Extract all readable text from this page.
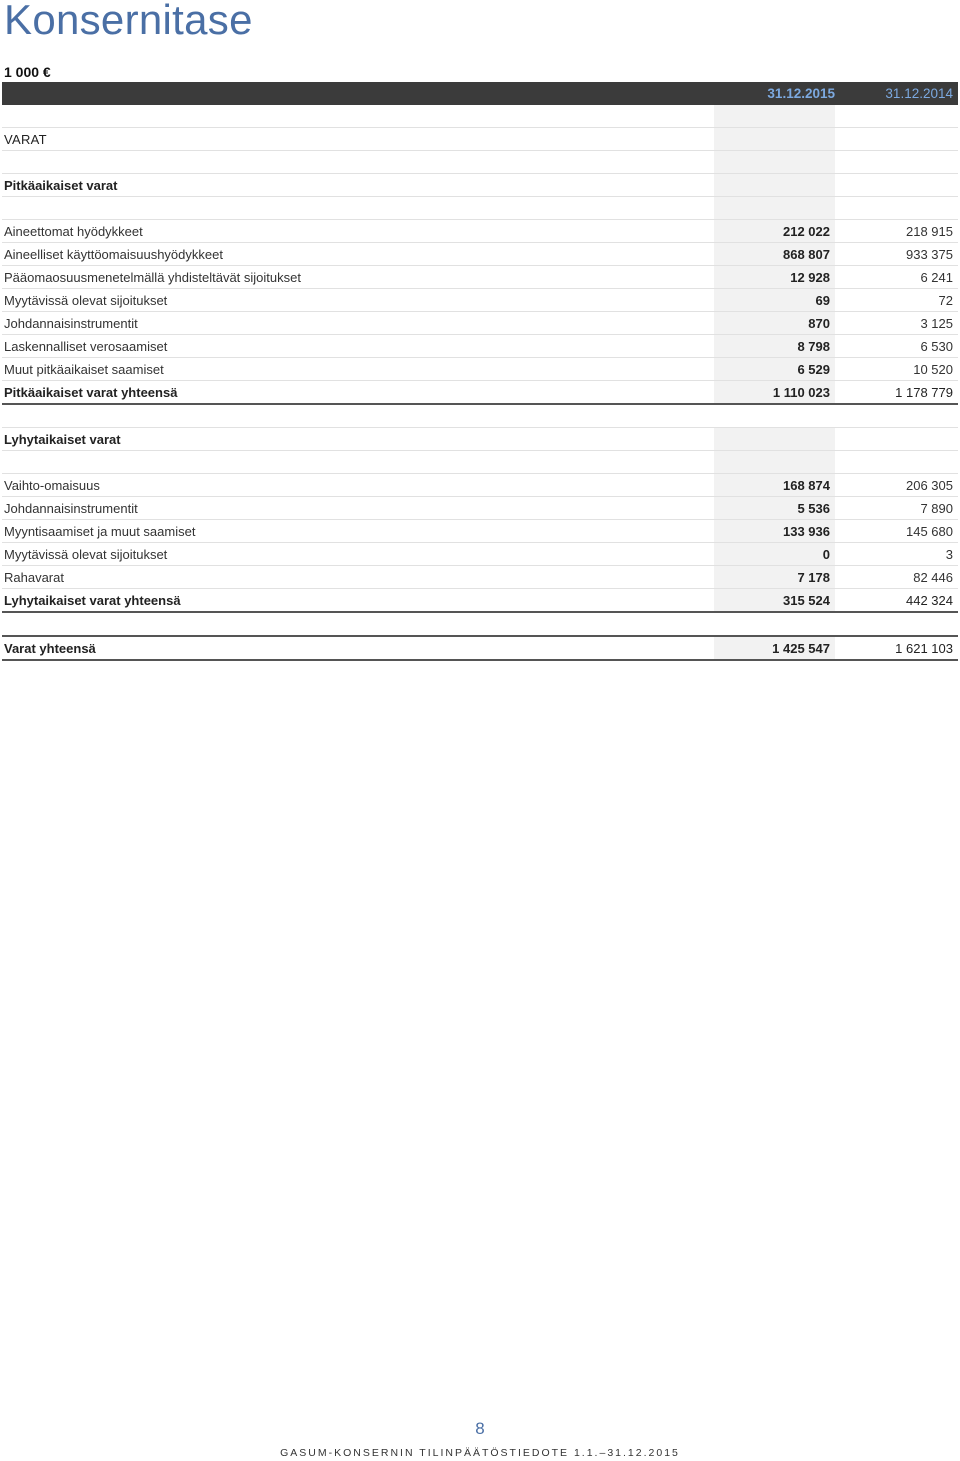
Konsernitase
1 000 €
31.12.2015	31.12.2014
VARAT
Pitkäaikaiset varat
Aineettomat hyödykkeet	212 022	218 915
Aineelliset käyttöomaisuushyödykkeet	868 807	933 375
Pääomaosuusmenetelmällä yhdisteltävät sijoitukset	12 928	6 241
Myytävissä olevat sijoitukset	69	72
Johdannaisinstrumentit	870	3 125
Laskennalliset verosaamiset	8 798	6 530
Muut pitkäaikaiset saamiset	6 529	10 520
Pitkäaikaiset varat yhteensä	1 110 023	1 178 779
Lyhytaikaiset varat
Vaihto-omaisuus	168 874	206 305
Johdannaisinstrumentit	5 536	7 890
Myyntisaamiset ja muut saamiset	133 936	145 680
Myytävissä olevat sijoitukset	0	3
Rahavarat	7 178	82 446
Lyhytaikaiset varat yhteensä	315 524	442 324
Varat yhteensä	1 425 547	1 621 103
8
GASUM-KONSERNIN TILINPÄÄTÖSTIEDOTE 1.1.–31.12.2015
